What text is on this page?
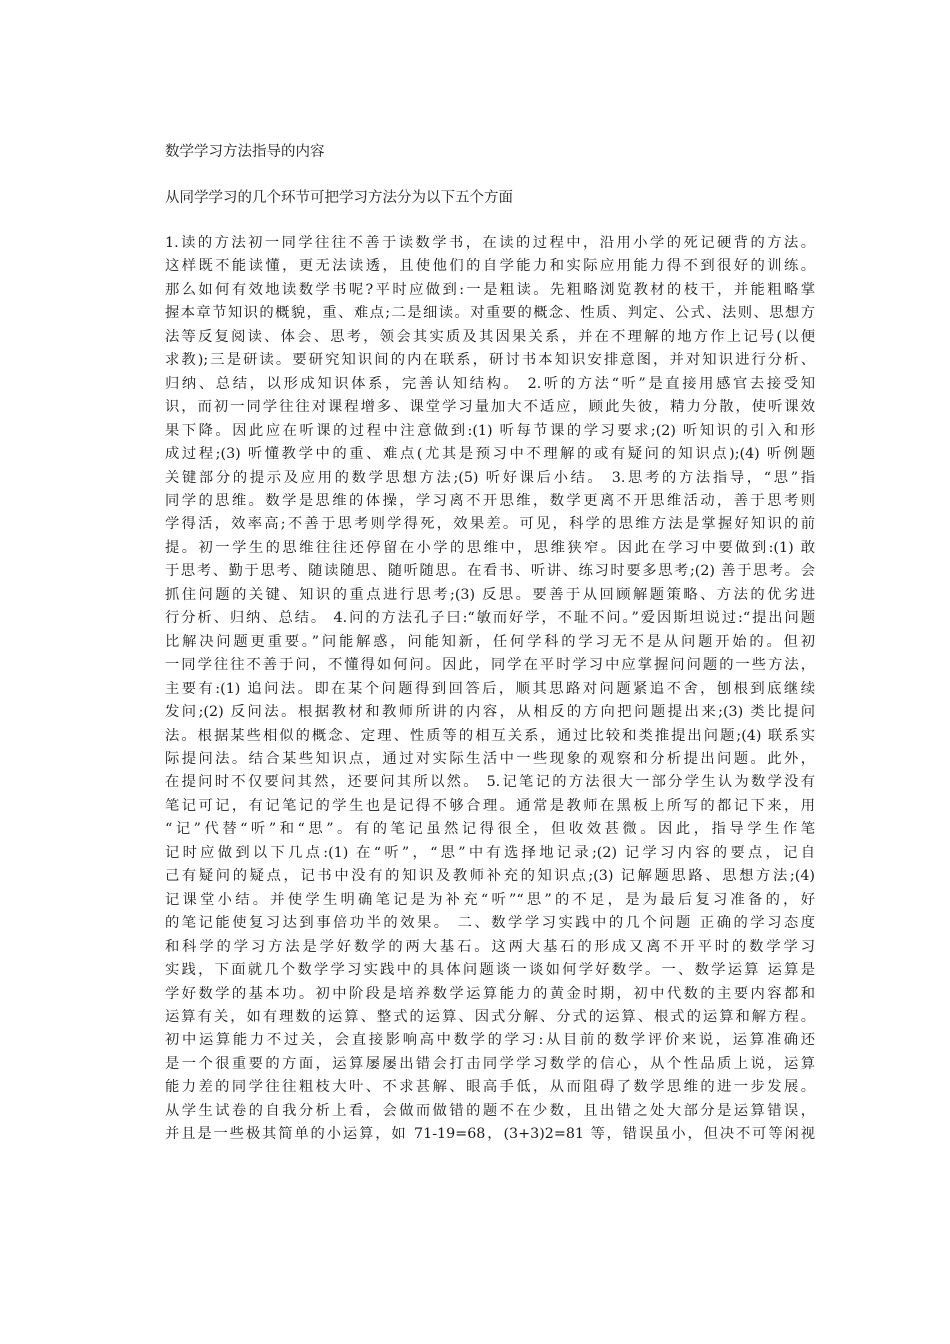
数学学习方法指导的内容
从同学学习的几个环节可把学习方法分为以下五个方面
1.读的方法初一同学往往不善于读数学书，在读的过程中，沿用小学的死记硬背的方法。
这样既不能读懂，更无法读透，且使他们的自学能力和实际应用能力得不到很好的训练。
那么如何有效地读数学书呢?平时应做到:一是粗读。先粗略浏览教材的枝干，并能粗略掌
握本章节知识的概貌，重、难点;二是细读。对重要的概念、性质、判定、公式、法则、思想方
法等反复阅读、体会、思考，领会其实质及其因果关系，并在不理解的地方作上记号(以便
求教);三是研读。要研究知识间的内在联系，研讨书本知识安排意图，并对知识进行分析、
归纳、总结，以形成知识体系，完善认知结构。 2.听的方法“听”是直接用感官去接受知
识，而初一同学往往对课程增多、课堂学习量加大不适应，顾此失彼，精力分散，使听课效
果下降。因此应在听课的过程中注意做到:(1) 听每节课的学习要求;(2) 听知识的引入和形
成过程;(3) 听懂教学中的重、难点(尤其是预习中不理解的或有疑问的知识点);(4) 听例题
关键部分的提示及应用的数学思想方法;(5) 听好课后小结。 3.思考的方法指导，“思”指
同学的思维。数学是思维的体操，学习离不开思维，数学更离不开思维活动，善于思考则
学得活，效率高;不善于思考则学得死，效果差。可见，科学的思维方法是掌握好知识的前
提。初一学生的思维往往还停留在小学的思维中，思维狭窄。因此在学习中要做到:(1) 敢
于思考、勤于思考、随读随思、随听随思。在看书、听讲、练习时要多思考;(2) 善于思考。会
抓住问题的关键、知识的重点进行思考;(3) 反思。要善于从回顾解题策略、方法的优劣进
行分析、归纳、总结。 4.问的方法孔子曰:“敏而好学，不耻不问。”爱因斯坦说过:“提出问题
比解决问题更重要。”问能解惑，问能知新，任何学科的学习无不是从问题开始的。但初
一同学往往不善于问，不懂得如何问。因此，同学在平时学习中应掌握问问题的一些方法，
主要有:(1) 追问法。即在某个问题得到回答后，顺其思路对问题紧追不舍，刨根到底继续
发问;(2) 反问法。根据教材和教师所讲的内容，从相反的方向把问题提出来;(3) 类比提问
法。根据某些相似的概念、定理、性质等的相互关系，通过比较和类推提出问题;(4) 联系实
际提问法。结合某些知识点，通过对实际生活中一些现象的观察和分析提出问题。此外，
在提问时不仅要问其然，还要问其所以然。 5.记笔记的方法很大一部分学生认为数学没有
笔记可记，有记笔记的学生也是记得不够合理。通常是教师在黑板上所写的都记下来，用
“记”代替“听”和“思”。有的笔记虽然记得很全，但收效甚微。因此，指导学生作笔
记时应做到以下几点:(1) 在“听”，“思”中有选择地记录;(2) 记学习内容的要点，记自
己有疑问的疑点，记书中没有的知识及教师补充的知识点;(3) 记解题思路、思想方法;(4)
记课堂小结。并使学生明确笔记是为补充“听”“思”的不足，是为最后复习准备的，好
的笔记能使复习达到事倍功半的效果。 二、数学学习实践中的几个问题 正确的学习态度
和科学的学习方法是学好数学的两大基石。这两大基石的形成又离不开平时的数学学习
实践，下面就几个数学学习实践中的具体问题谈一谈如何学好数学。一、数学运算 运算是
学好数学的基本功。初中阶段是培养数学运算能力的黄金时期，初中代数的主要内容都和
运算有关，如有理数的运算、整式的运算、因式分解、分式的运算、根式的运算和解方程。
初中运算能力不过关，会直接影响高中数学的学习:从目前的数学评价来说，运算准确还
是一个很重要的方面，运算屡屡出错会打击同学学习数学的信心，从个性品质上说，运算
能力差的同学往往粗枝大叶、不求甚解、眼高手低，从而阻碍了数学思维的进一步发展。
从学生试卷的自我分析上看，会做而做错的题不在少数，且出错之处大部分是运算错误，
并且是一些极其简单的小运算，如 71-19=68，(3+3)2=81 等，错误虽小，但决不可等闲视
